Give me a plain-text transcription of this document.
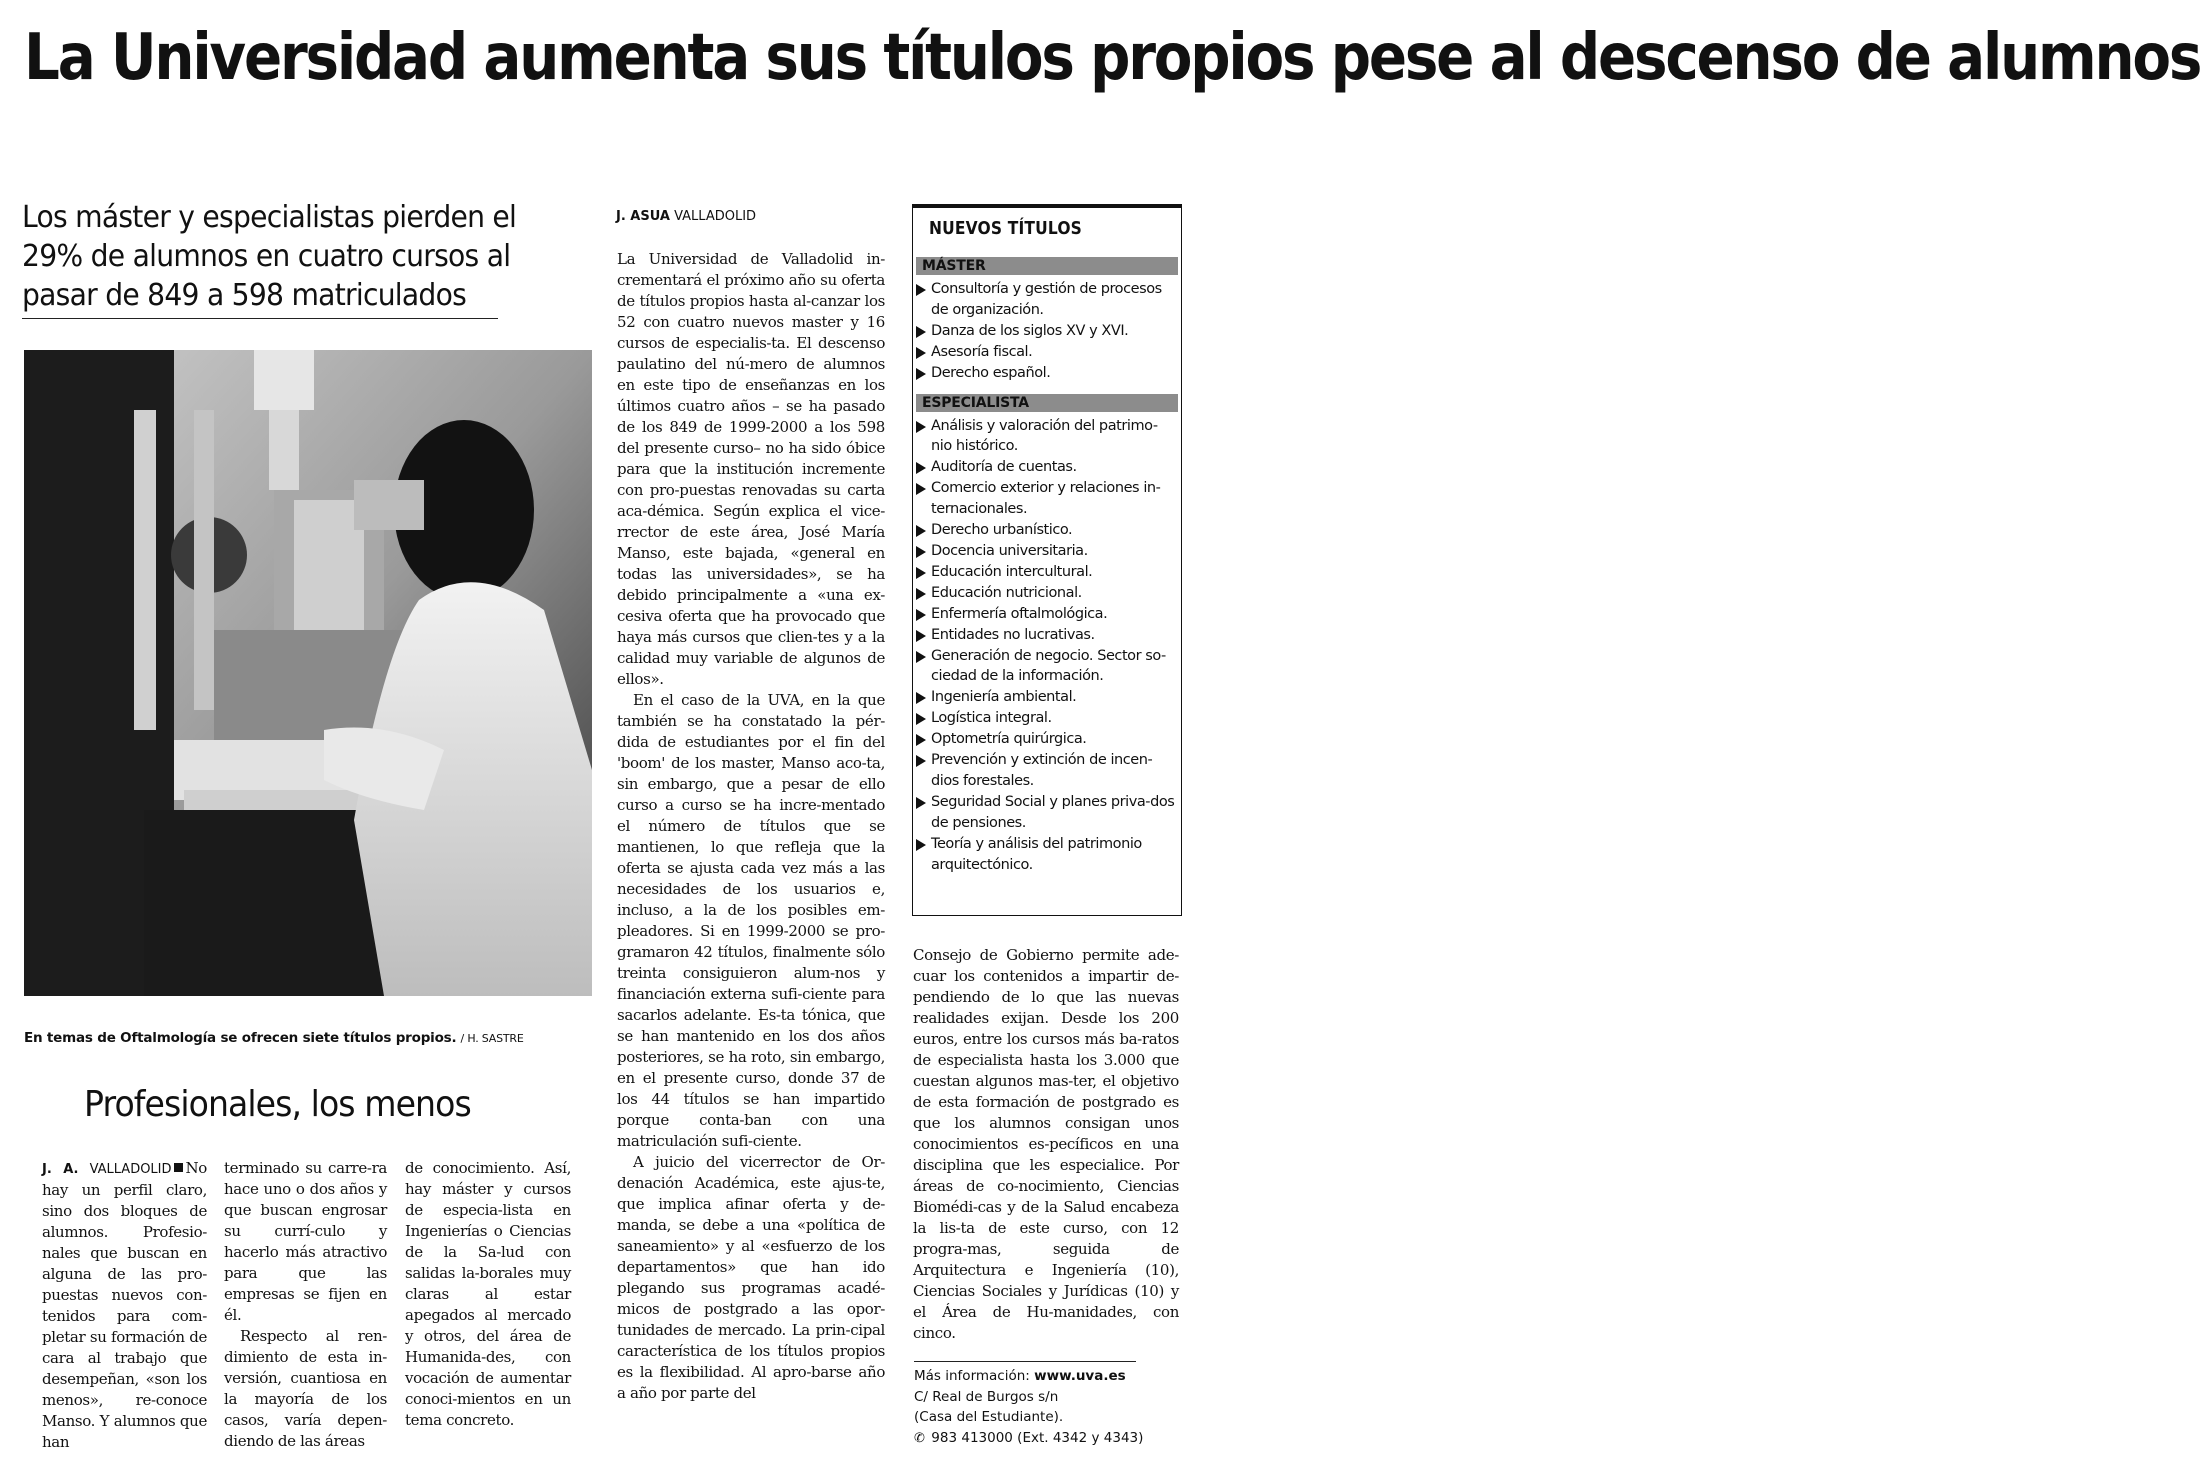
La Universidad aumenta sus títulos propios pese al descenso de alumnos
Los máster y especialistas pierden el 29% de alumnos en cuatro cursos al pasar de 849 a 598 matriculados
En temas de Oftalmología se ofrecen siete títulos propios. / H. SASTRE
Profesionales, los menos

J. A. VALLADOLID No hay un perfil claro, sino dos bloques de alumnos. Profesio-nales que buscan en alguna de las pro-puestas nuevos con-tenidos para com-pletar su formación de cara al trabajo que desempeñan, «son los menos», re-conoce Manso. Y alumnos que han

terminado su carre-ra hace uno o dos años y que buscan engrosar su currí-culo y hacerlo más atractivo para que las empresas se fijen en él.

Respecto al ren-dimiento de esta in-versión, cuantiosa en la mayoría de los casos, varía depen-diendo de las áreas

de conocimiento. Así, hay máster y cursos de especia-lista en Ingenierías o Ciencias de la Sa-lud con salidas la-borales muy claras al estar apegados al mercado y otros, del área de Humanida-des, con vocación de aumentar conoci-mientos en un tema concreto.

J. ASUA VALLADOLID

La Universidad de Valladolid in-crementará el próximo año su oferta de títulos propios hasta al-canzar los 52 con cuatro nuevos master y 16 cursos de especialis-ta. El descenso paulatino del nú-mero de alumnos en este tipo de enseñanzas en los últimos cuatro años – se ha pasado de los 849 de 1999-2000 a los 598 del presente curso– no ha sido óbice para que la institución incremente con pro-puestas renovadas su carta aca-démica. Según explica el vice-rrector de este área, José María Manso, este bajada, «general en todas las universidades», se ha debido principalmente a «una ex-cesiva oferta que ha provocado que haya más cursos que clien-tes y a la calidad muy variable de algunos de ellos».

En el caso de la UVA, en la que también se ha constatado la pér-dida de estudiantes por el fin del 'boom' de los master, Manso aco-ta, sin embargo, que a pesar de ello curso a curso se ha incre-mentado el número de títulos que se mantienen, lo que refleja que la oferta se ajusta cada vez más a las necesidades de los usuarios e, incluso, a la de los posibles em-pleadores. Si en 1999-2000 se pro-gramaron 42 títulos, finalmente sólo treinta consiguieron alum-nos y financiación externa sufi-ciente para sacarlos adelante. Es-ta tónica, que se han mantenido en los dos años posteriores, se ha roto, sin embargo, en el presente curso, donde 37 de los 44 títulos se han impartido porque conta-ban con una matriculación sufi-ciente.

A juicio del vicerrector de Or-denación Académica, este ajus-te, que implica afinar oferta y de-manda, se debe a una «política de saneamiento» y al «esfuerzo de los departamentos» que han ido plegando sus programas acadé-micos de postgrado a las opor-tunidades de mercado. La prin-cipal característica de los títulos propios es la flexibilidad. Al apro-barse año a año por parte del

NUEVOS TÍTULOS
MÁSTER
Consultoría y gestión de procesos de organización.
Danza de los siglos XV y XVI.
Asesoría fiscal.
Derecho español.
ESPECIALISTA
Análisis y valoración del patrimo-nio histórico.
Auditoría de cuentas.
Comercio exterior y relaciones in-ternacionales.
Derecho urbanístico.
Docencia universitaria.
Educación intercultural.
Educación nutricional.
Enfermería oftalmológica.
Entidades no lucrativas.
Generación de negocio. Sector so-ciedad de la información.
Ingeniería ambiental.
Logística integral.
Optometría quirúrgica.
Prevención y extinción de incen-dios forestales.
Seguridad Social y planes priva-dos de pensiones.
Teoría y análisis del patrimonio arquitectónico.

Consejo de Gobierno permite ade-cuar los contenidos a impartir de-pendiendo de lo que las nuevas realidades exijan. Desde los 200 euros, entre los cursos más ba-ratos de especialista hasta los 3.000 que cuestan algunos mas-ter, el objetivo de esta formación de postgrado es que los alumnos consigan unos conocimientos es-pecíficos en una disciplina que les especialice. Por áreas de co-nocimiento, Ciencias Biomédi-cas y de la Salud encabeza la lis-ta de este curso, con 12 progra-mas, seguida de Arquitectura e Ingeniería (10), Ciencias Sociales y Jurídicas (10) y el Área de Hu-manidades, con cinco.

Más información: www.uva.es
C/ Real de Burgos s/n
(Casa del Estudiante).
✆ 983 413000 (Ext. 4342 y 4343)
